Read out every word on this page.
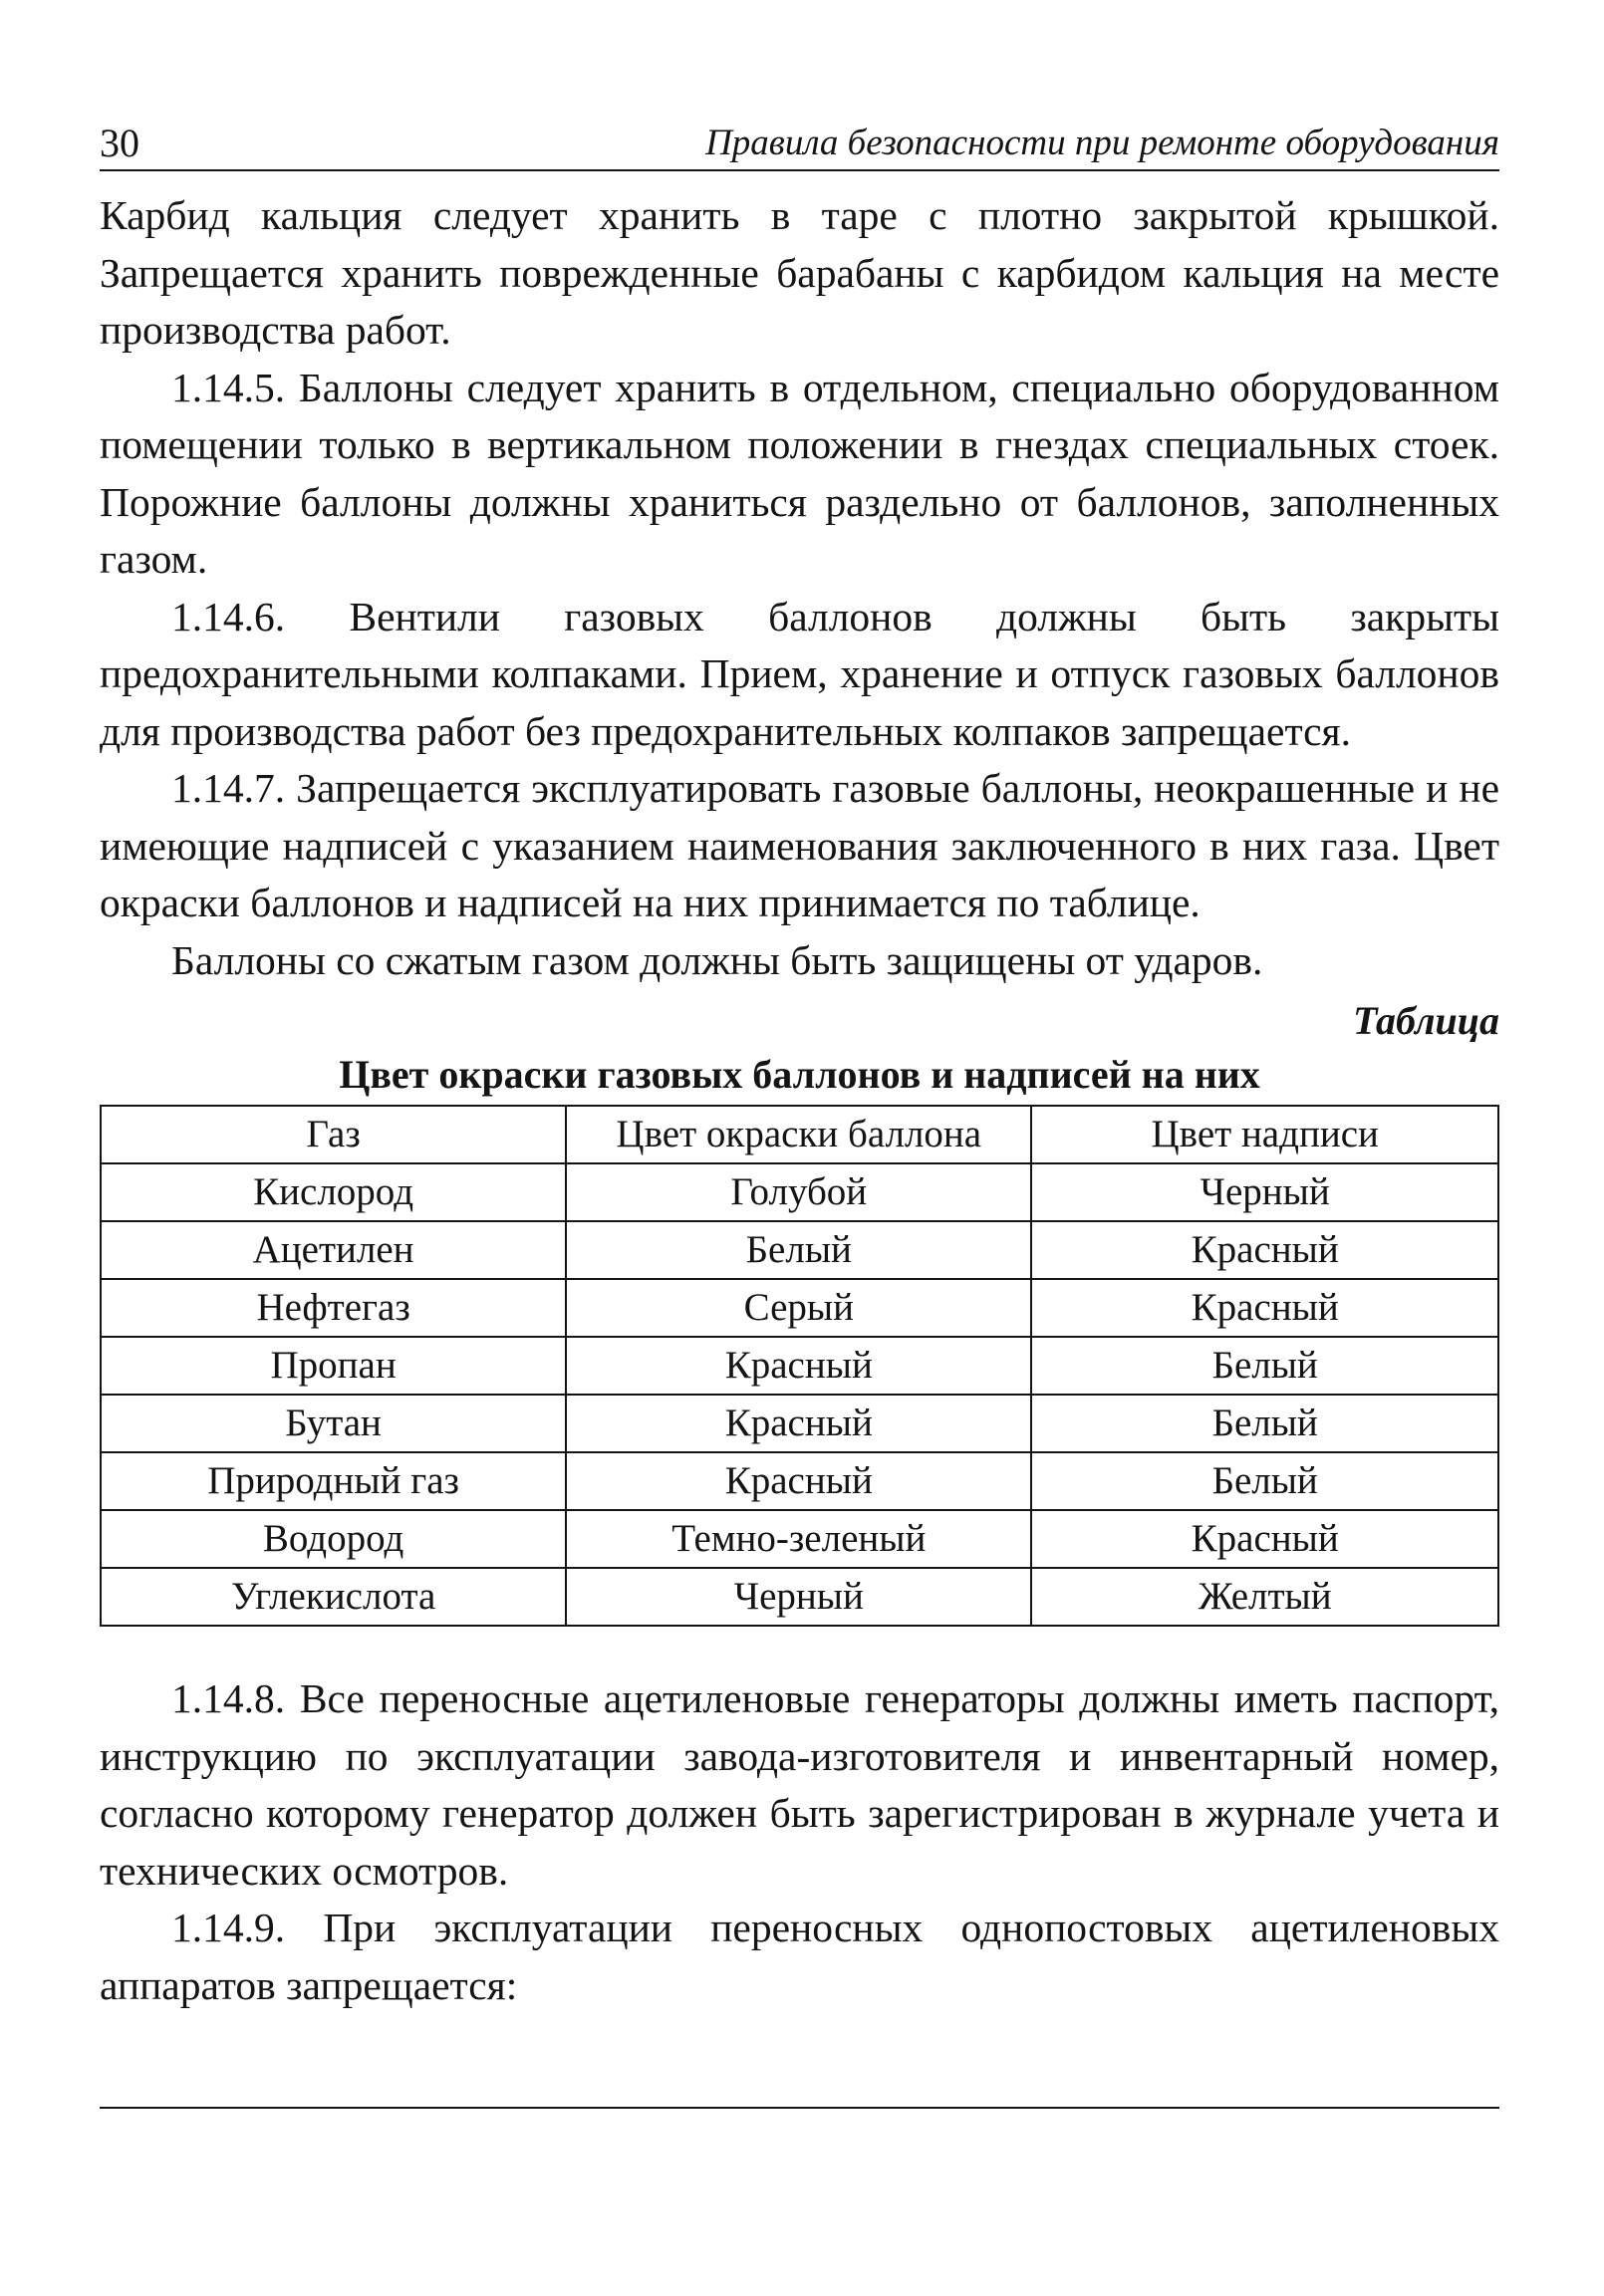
30	Правила безопасности при ремонте оборудования

Карбид кальция следует хранить в таре с плотно закрытой крышкой. Запрещается хранить поврежденные барабаны с карбидом кальция на месте производства работ.

1.14.5. Баллоны следует хранить в отдельном, специально оборудованном помещении только в вертикальном положении в гнездах специальных стоек. Порожние баллоны должны храниться раздельно от баллонов, заполненных газом.

1.14.6. Вентили газовых баллонов должны быть закрыты предохранительными колпаками. Прием, хранение и отпуск газовых баллонов для производства работ без предохранительных колпаков запрещается.

1.14.7. Запрещается эксплуатировать газовые баллоны, неокрашенные и не имеющие надписей с указанием наименования заключенного в них газа. Цвет окраски баллонов и надписей на них принимается по таблице.

Баллоны со сжатым газом должны быть защищены от ударов.

Таблица

Цвет окраски газовых баллонов и надписей на них

Газ	Цвет окраски баллона	Цвет надписи
Кислород	Голубой	Черный
Ацетилен	Белый	Красный
Нефтегаз	Серый	Красный
Пропан	Красный	Белый
Бутан	Красный	Белый
Природный газ	Красный	Белый
Водород	Темно-зеленый	Красный
Углекислота	Черный	Желтый

1.14.8. Все переносные ацетиленовые генераторы должны иметь паспорт, инструкцию по эксплуатации завода-изготовителя и инвентарный номер, согласно которому генератор должен быть зарегистрирован в журнале учета и технических осмотров.

1.14.9. При эксплуатации переносных однопостовых ацетиленовых аппаратов запрещается:
